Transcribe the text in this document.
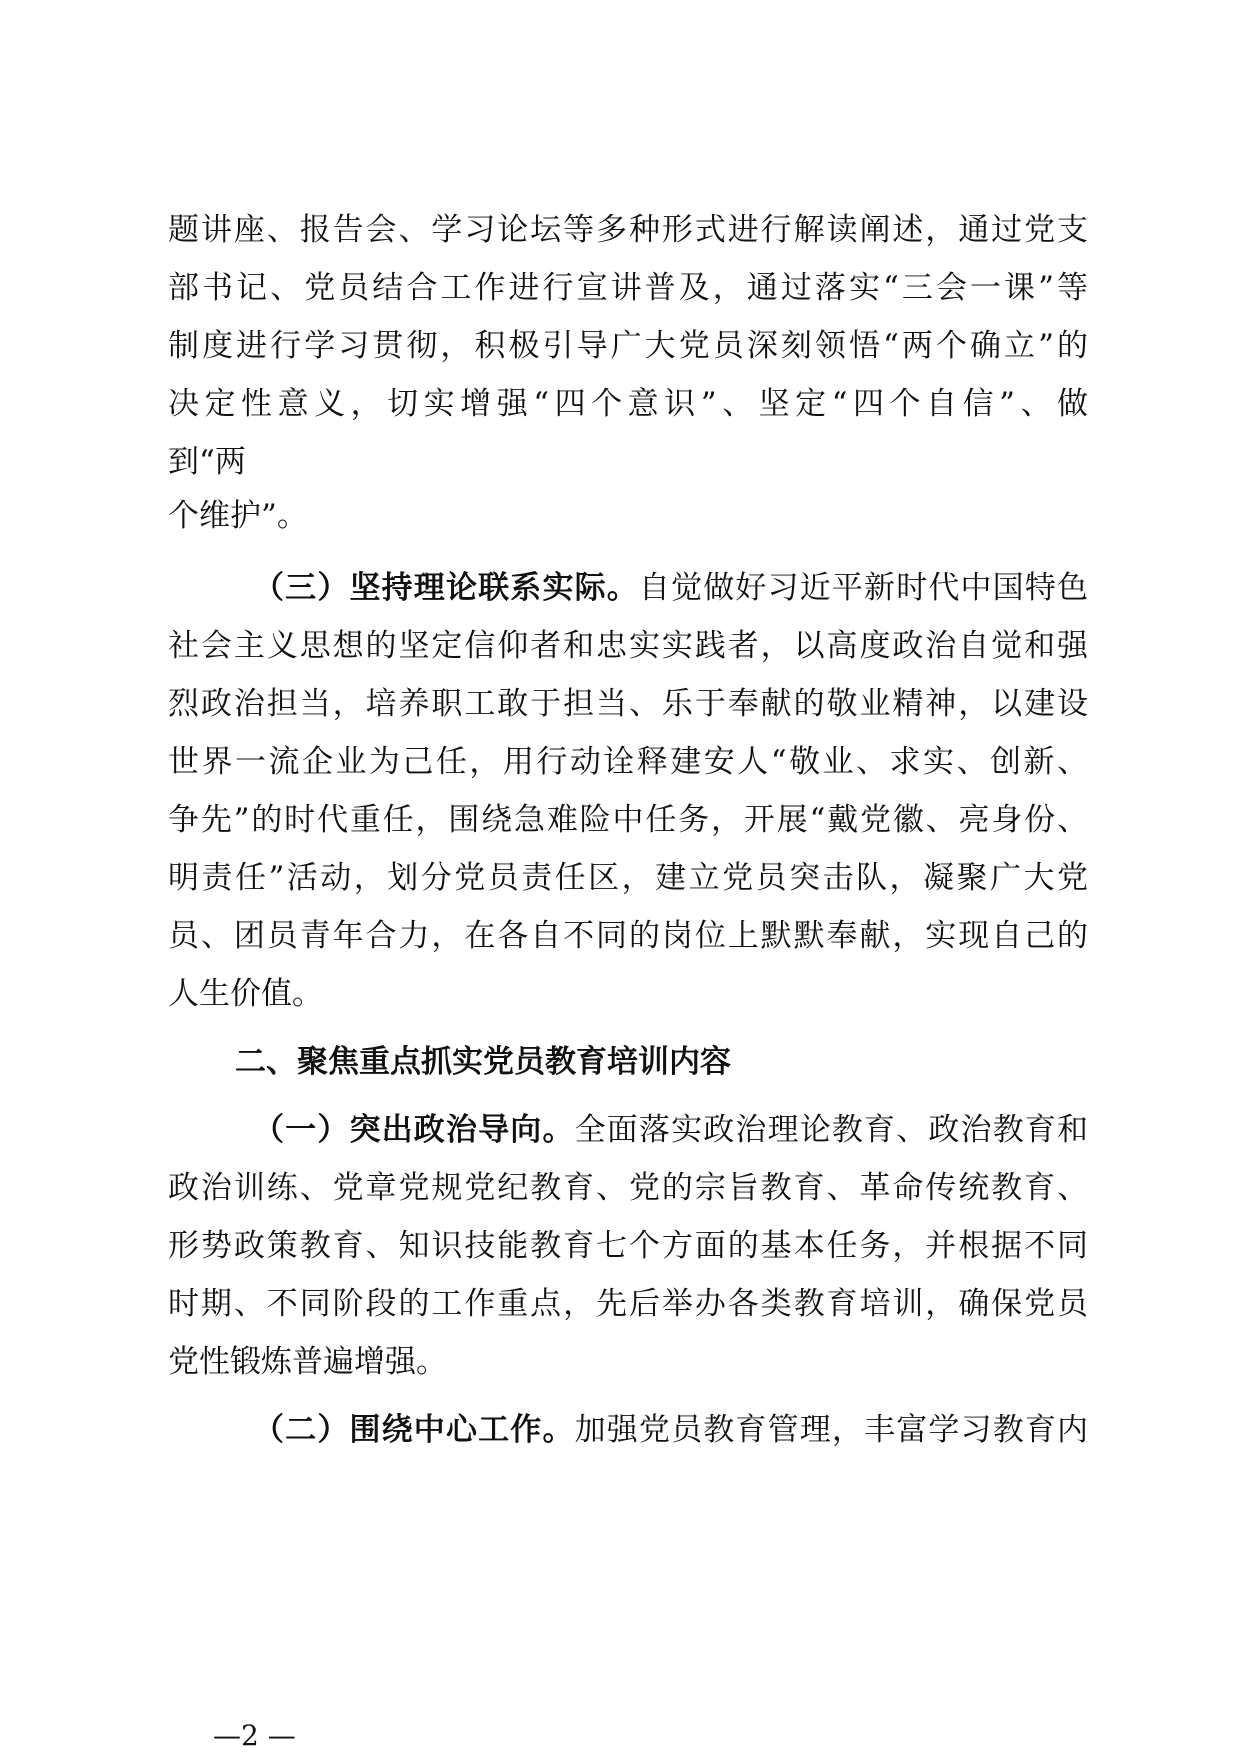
题讲座、报告会、学习论坛等多种形式进行解读阐述，通过党支
部书记、党员结合工作进行宣讲普及，通过落实“三会一课”等
制度进行学习贯彻，积极引导广大党员深刻领悟“两个确立”的
决定性意义，切实增强“四个意识”、坚定“四个自信”、做
到“两
个维护”。
（三）坚持理论联系实际。自觉做好习近平新时代中国特色
社会主义思想的坚定信仰者和忠实实践者，以高度政治自觉和强
烈政治担当，培养职工敢于担当、乐于奉献的敬业精神，以建设
世界一流企业为己任，用行动诠释建安人“敬业、求实、创新、
争先”的时代重任，围绕急难险中任务，开展“戴党徽、亮身份、
明责任”活动，划分党员责任区，建立党员突击队，凝聚广大党
员、团员青年合力，在各自不同的岗位上默默奉献，实现自己的
人生价值。
二、聚焦重点抓实党员教育培训内容
（一）突出政治导向。全面落实政治理论教育、政治教育和
政治训练、党章党规党纪教育、党的宗旨教育、革命传统教育、
形势政策教育、知识技能教育七个方面的基本任务，并根据不同
时期、不同阶段的工作重点，先后举办各类教育培训，确保党员
党性锻炼普遍增强。
（二）围绕中心工作。加强党员教育管理，丰富学习教育内
—2 —
